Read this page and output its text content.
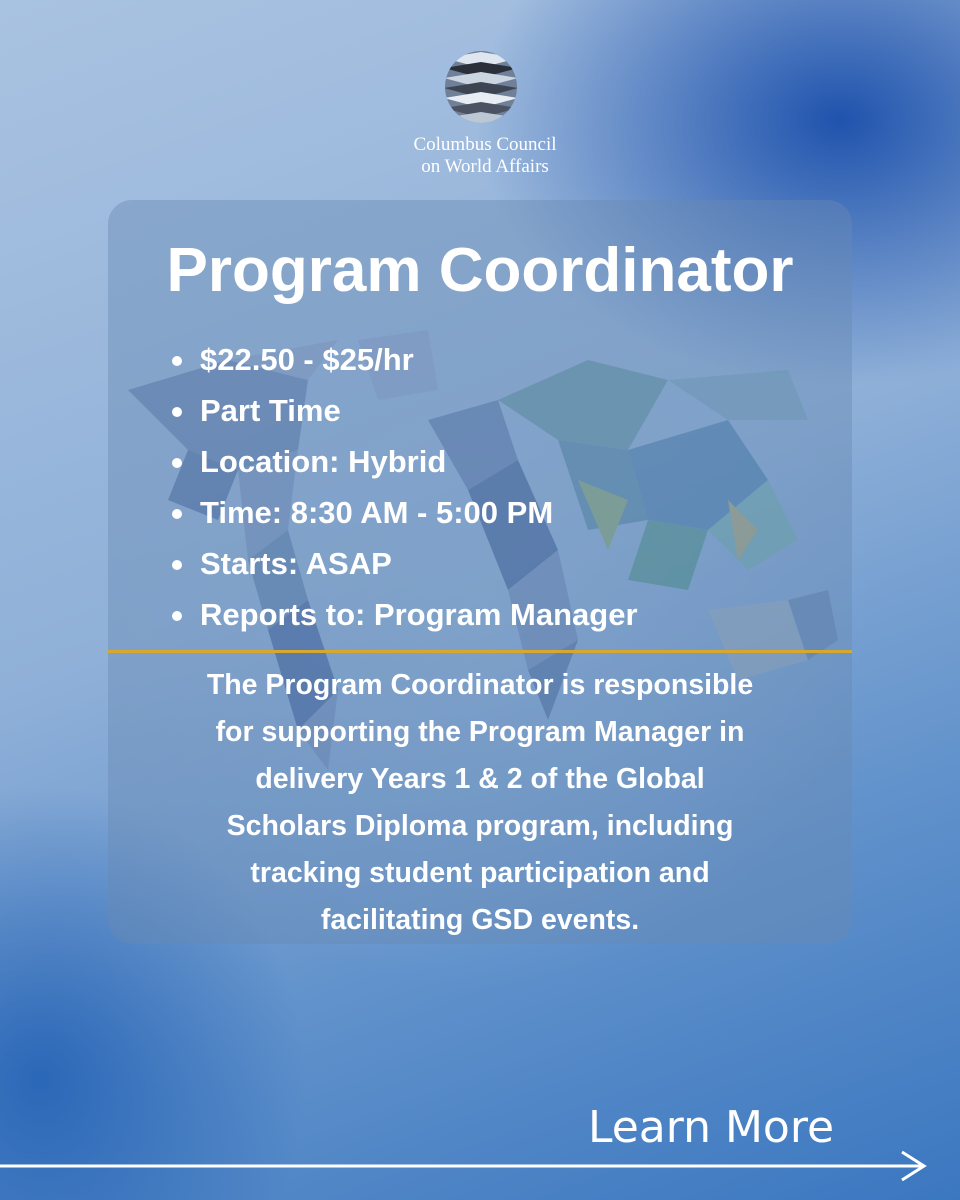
Columbus Council
on World Affairs
Program Coordinator
$22.50 - $25/hr
Part Time
Location: Hybrid
Time: 8:30 AM - 5:00 PM
Starts: ASAP
Reports to: Program Manager
The Program Coordinator is responsible
for supporting the Program Manager in
delivery Years 1 & 2 of the Global
Scholars Diploma program, including
tracking student participation and
facilitating GSD events.
Learn More
